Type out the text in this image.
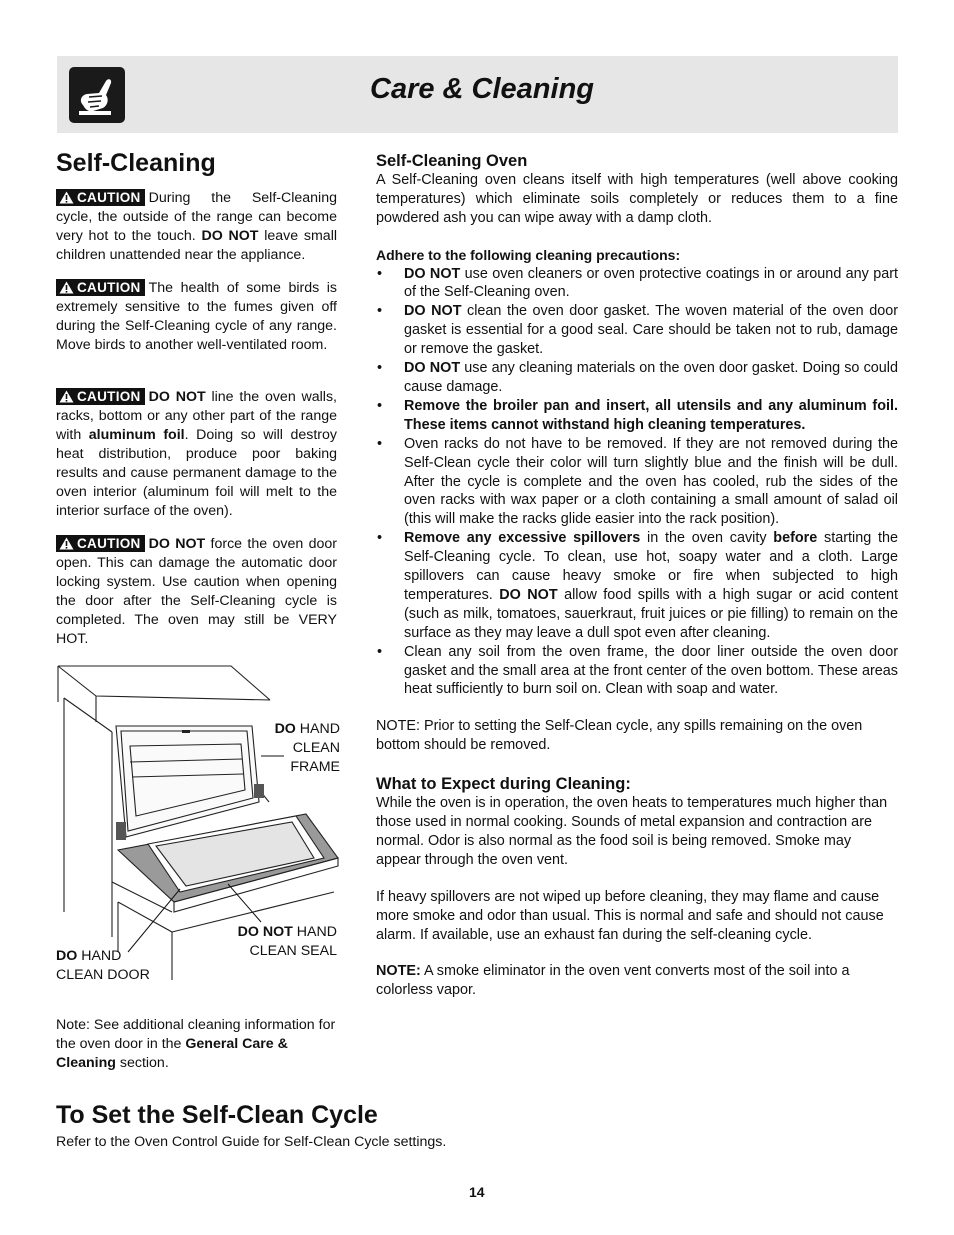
Care & Cleaning
Self-Cleaning

CAUTION During the Self-Cleaning cycle, the outside of the range can become very hot to the touch. DO NOT leave small children unattended near the appliance.

CAUTION The health of some birds is extremely sensitive to the fumes given off during the Self-Cleaning cycle of any range. Move birds to another well-ventilated room.

CAUTION DO NOT line the oven walls, racks, bottom or any other part of the range with aluminum foil. Doing so will destroy heat distribution, produce poor baking results and cause permanent damage to the oven interior (aluminum foil will melt to the interior surface of the oven).

CAUTION DO NOT force the oven door open. This can damage the automatic door locking system. Use caution when opening the door after the Self-Cleaning cycle is completed. The oven may still be VERY HOT.

DO HAND
CLEAN
FRAME
DO NOT HAND
CLEAN SEAL
DO HAND
CLEAN DOOR

Note: See additional cleaning information for the oven door in the General Care & Cleaning section.

Self-Cleaning Oven

A Self-Cleaning oven cleans itself with high temperatures (well above cooking temperatures) which eliminate soils completely or reduces them to a fine powdered ash you can wipe away with a damp cloth.

Adhere to the following cleaning precautions:

• DO NOT use oven cleaners or oven protective coatings in or around any part of the Self-Cleaning oven.
• DO NOT clean the oven door gasket. The woven material of the oven door gasket is essential for a good seal. Care should be taken not to rub, damage or remove the gasket.
• DO NOT use any cleaning materials on the oven door gasket. Doing so could cause damage.
• Remove the broiler pan and insert, all utensils and any aluminum foil. These items cannot withstand high cleaning temperatures.
• Oven racks do not have to be removed. If they are not removed during the Self-Clean cycle their color will turn slightly blue and the finish will be dull. After the cycle is complete and the oven has cooled, rub the sides of the oven racks with wax paper or a cloth containing a small amount of salad oil (this will make the racks glide easier into the rack position).
• Remove any excessive spillovers in the oven cavity before starting the Self-Cleaning cycle. To clean, use hot, soapy water and a cloth. Large spillovers can cause heavy smoke or fire when subjected to high temperatures. DO NOT allow food spills with a high sugar or acid content (such as milk, tomatoes, sauerkraut, fruit juices or pie filling) to remain on the surface as they may leave a dull spot even after cleaning.
• Clean any soil from the oven frame, the door liner outside the oven door gasket and the small area at the front center of the oven bottom. These areas heat sufficiently to burn soil on. Clean with soap and water.

NOTE: Prior to setting the Self-Clean cycle, any spills remaining on the oven bottom should be removed.

What to Expect during Cleaning:

While the oven is in operation, the oven heats to temperatures much higher than those used in normal cooking. Sounds of metal expansion and contraction are normal. Odor is also normal as the food soil is being removed. Smoke may appear through the oven vent.

If heavy spillovers are not wiped up before cleaning, they may flame and cause more smoke and odor than usual. This is normal and safe and should not cause alarm. If available, use an exhaust fan during the self-cleaning cycle.

NOTE: A smoke eliminator in the oven vent converts most of the soil into a colorless vapor.

To Set the Self-Clean Cycle

Refer to the Oven Control Guide for Self-Clean Cycle settings.

14
